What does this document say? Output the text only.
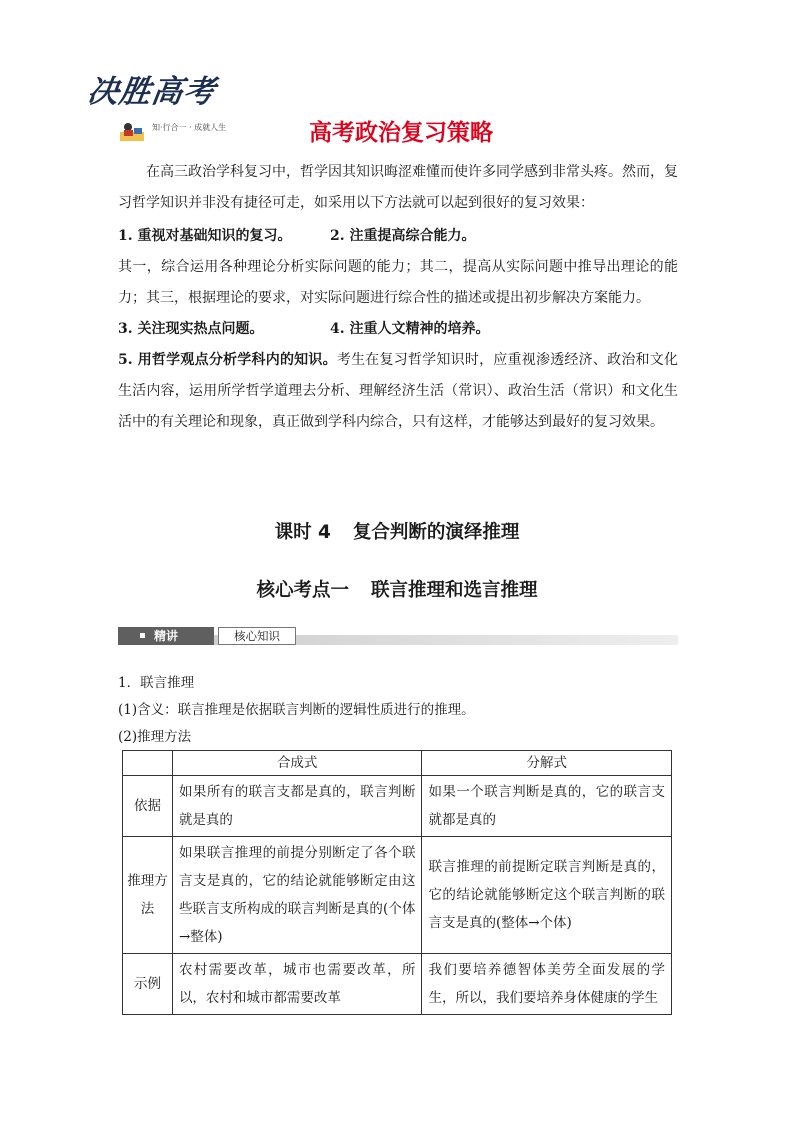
决胜高考
知·行合一 · 成就人生	高考政治复习策略
在高三政治学科复习中，哲学因其知识晦涩难懂而使许多同学感到非常头疼。然而，复习哲学知识并非没有捷径可走，如采用以下方法就可以起到很好的复习效果：
1. 重视对基础知识的复习。	2. 注重提高综合能力。
其一，综合运用各种理论分析实际问题的能力；其二，提高从实际问题中推导出理论的能力；其三，根据理论的要求，对实际问题进行综合性的描述或提出初步解决方案能力。
3. 关注现实热点问题。	4. 注重人文精神的培养。
5. 用哲学观点分析学科内的知识。考生在复习哲学知识时，应重视渗透经济、政治和文化生活内容，运用所学哲学道理去分析、理解经济生活（常识）、政治生活（常识）和文化生活中的有关理论和现象，真正做到学科内综合，只有这样，才能够达到最好的复习效果。
课时 4 复合判断的演绎推理
核心考点一 联言推理和选言推理
精讲	核心知识
1．联言推理
(1)含义：联言推理是依据联言判断的逻辑性质进行的推理。
(2)推理方法
	合成式	分解式
依据	如果所有的联言支都是真的，联言判断就是真的	如果一个联言判断是真的，它的联言支就都是真的
推理方法	如果联言推理的前提分别断定了各个联言支是真的，它的结论就能够断定由这些联言支所构成的联言判断是真的(个体→整体)	联言推理的前提断定联言判断是真的，它的结论就能够断定这个联言判断的联言支是真的(整体→个体)
示例	农村需要改革，城市也需要改革，所以，农村和城市都需要改革	我们要培养德智体美劳全面发展的学生，所以，我们要培养身体健康的学生
